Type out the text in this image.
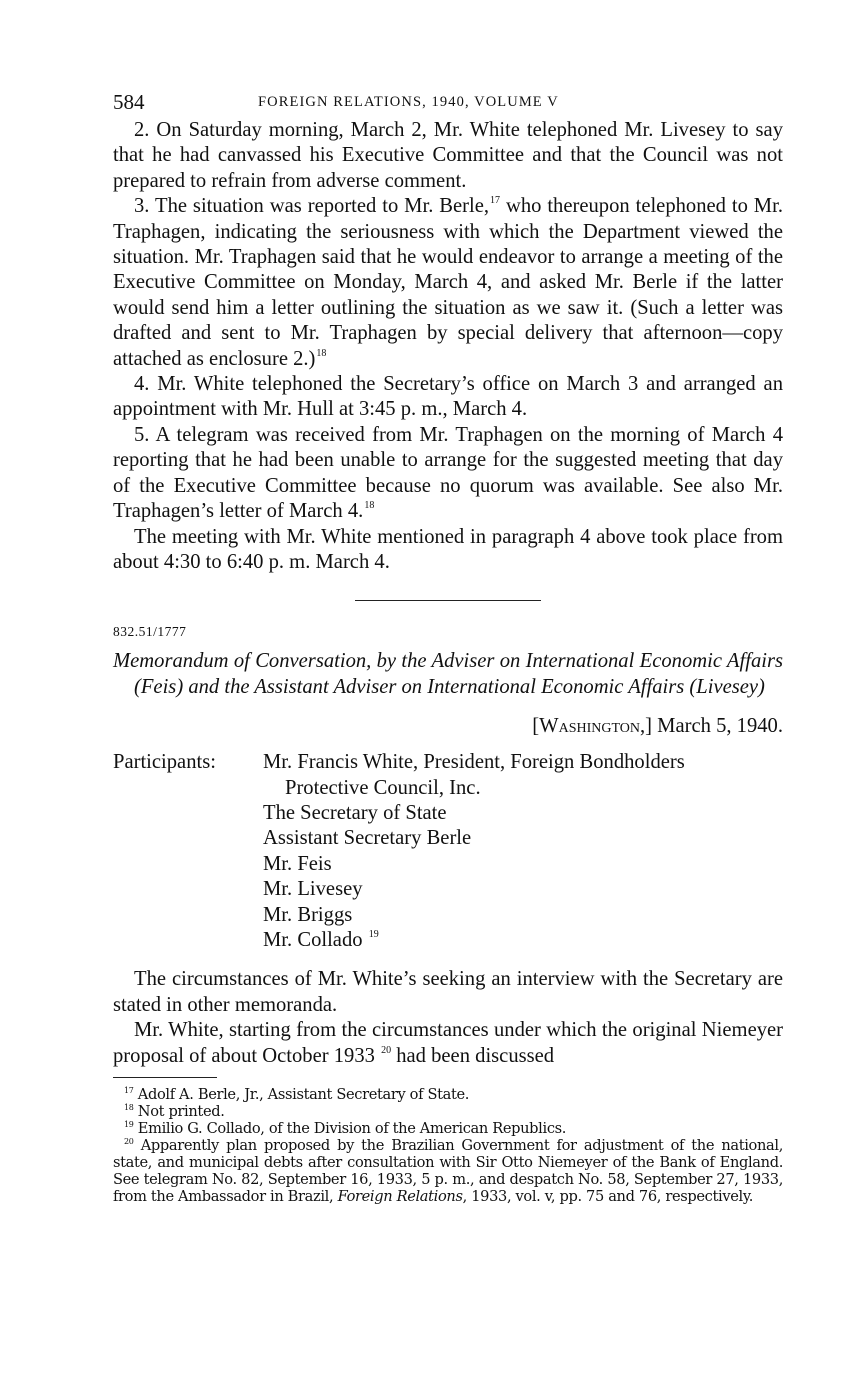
584	FOREIGN RELATIONS, 1940, VOLUME V

2. On Saturday morning, March 2, Mr. White telephoned Mr. Livesey to say that he had canvassed his Executive Committee and that the Council was not prepared to refrain from adverse comment.

3. The situation was reported to Mr. Berle,$^{17}$ who thereupon telephoned to Mr. Traphagen, indicating the seriousness with which the Department viewed the situation. Mr. Traphagen said that he would endeavor to arrange a meeting of the Executive Committee on Monday, March 4, and asked Mr. Berle if the latter would send him a letter outlining the situation as we saw it. (Such a letter was drafted and sent to Mr. Traphagen by special delivery that afternoon—copy attached as enclosure 2.)$^{18}$

4. Mr. White telephoned the Secretary’s office on March 3 and arranged an appointment with Mr. Hull at 3:45 p. m., March 4.

5. A telegram was received from Mr. Traphagen on the morning of March 4 reporting that he had been unable to arrange for the suggested meeting that day of the Executive Committee because no quorum was available. See also Mr. Traphagen’s letter of March 4.18

The meeting with Mr. White mentioned in paragraph 4 above took place from about 4:30 to 6:40 p. m. March 4.

832.51/1777
Memorandum of Conversation, by the Adviser on International Economic Affairs (Feis) and the Assistant Adviser on International Economic Affairs (Livesey)
[Washington,] March 5, 1940.
Participants:	Mr. Francis White, President, Foreign Bondholders
Protective Council, Inc.
The Secretary of State
Assistant Secretary Berle
Mr. Feis
Mr. Livesey
Mr. Briggs
Mr. Collado $^{19}$

The circumstances of Mr. White’s seeking an interview with the Secretary are stated in other memoranda.

Mr. White, starting from the circumstances under which the original Niemeyer proposal of about October 1933 $^{20}$ had been discussed

$^{17}$ Adolf A. Berle, Jr., Assistant Secretary of State.

$^{18}$ Not printed.

$^{19}$ Emilio G. Collado, of the Division of the American Republics.

$^{20}$ Apparently plan proposed by the Brazilian Government for adjustment of the national, state, and municipal debts after consultation with Sir Otto Niemeyer of the Bank of England. See telegram No. 82, September 16, 1933, 5 p. m., and despatch No. 58, September 27, 1933, from the Ambassador in Brazil, Foreign Relations, 1933, vol. v, pp. 75 and 76, respectively.
